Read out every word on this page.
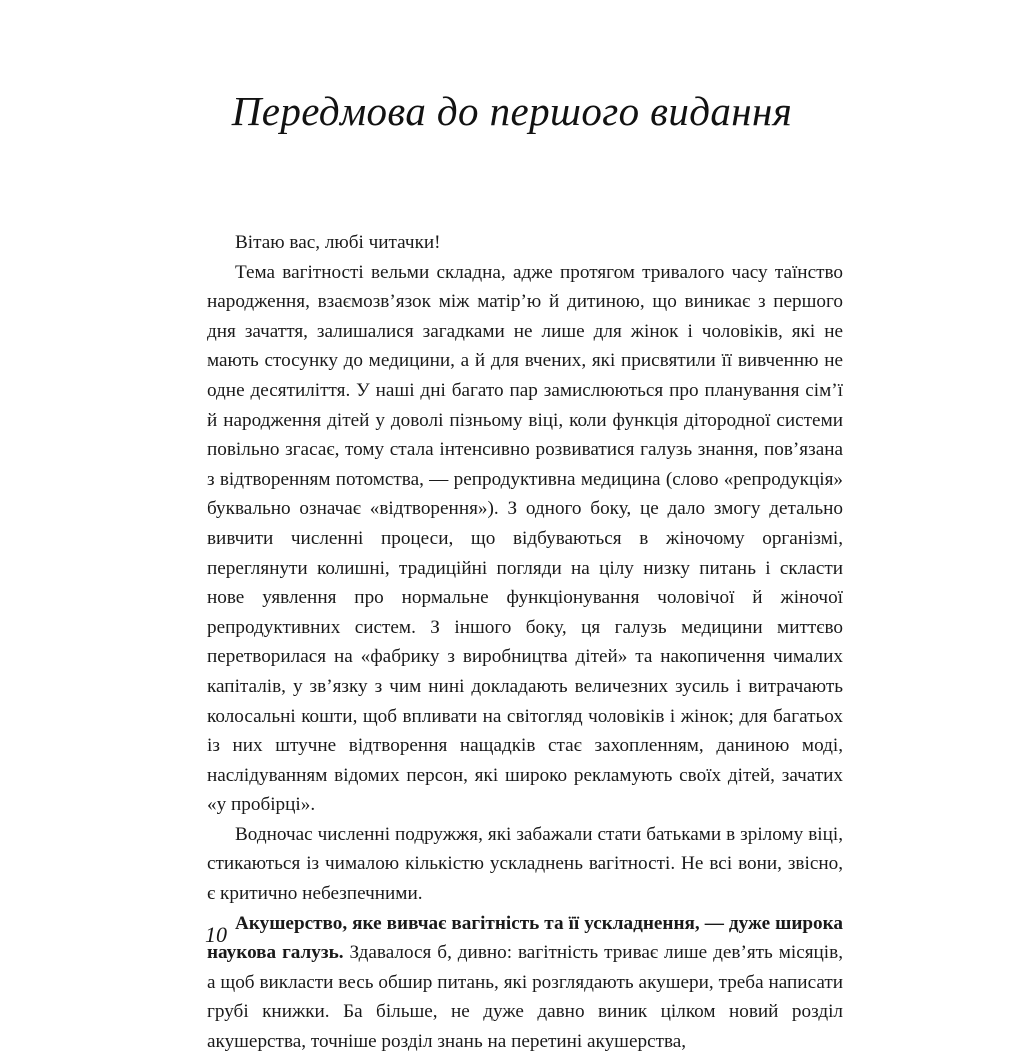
Передмова до першого видання

Вітаю вас, любі читачки!

Тема вагітності вельми складна, адже протягом тривалого часу таїнство народження, взаємозв’язок між матір’ю й дитиною, що виникає з першого дня зачаття, залишалися загадками не лише для жінок і чоловіків, які не мають стосунку до медицини, а й для вчених, які присвятили її вивченню не одне десятиліття. У наші дні багато пар замислюються про планування сім’ї й народження дітей у доволі пізньому віці, коли функція дітородної системи повільно згасає, тому стала інтенсивно розвиватися галузь знання, пов’язана з відтворенням потомства, — репродуктивна медицина (слово «репродукція» буквально означає «відтворення»). З одного боку, це дало змогу детально вивчити численні процеси, що відбуваються в жіночому організмі, переглянути колишні, традиційні погляди на цілу низку питань і скласти нове уявлення про нормальне функціонування чоловічої й жіночої репродуктивних систем. З іншого боку, ця галузь медицини миттєво перетворилася на «фабрику з виробництва дітей» та накопичення чималих капіталів, у зв’язку з чим нині докладають величезних зусиль і витрачають колосальні кошти, щоб впливати на світогляд чоловіків і жінок; для багатьох із них штучне відтворення нащадків стає захопленням, даниною моді, наслідуванням відомих персон, які широко рекламують своїх дітей, зачатих «у пробірці».

Водночас численні подружжя, які забажали стати батьками в зрілому віці, стикаються із чималою кількістю ускладнень вагітності. Не всі вони, звісно, є критично небезпечними.

Акушерство, яке вивчає вагітність та її ускладнення, — дуже широка наукова галузь. Здавалося б, дивно: вагітність триває лише дев’ять місяців, а щоб викласти весь обшир питань, які розглядають акушери, треба написати грубі книжки. Ба більше, не дуже давно виник цілком новий розділ акушерства, точніше розділ знань на перетині акушерства,

10
